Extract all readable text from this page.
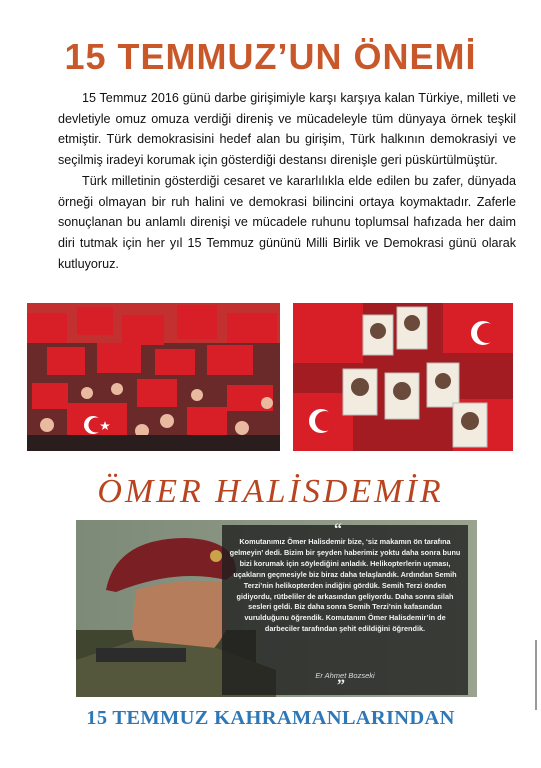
15 TEMMUZ’UN ÖNEMİ

15 Temmuz 2016 günü darbe girişimiyle karşı karşıya kalan Türkiye, milleti ve devletiyle omuz omuza verdiği direniş ve mücadeleyle tüm dünyaya örnek teşkil etmiştir. Türk demokrasisini hedef alan bu girişim, Türk halkının demokrasiyi ve seçilmiş iradeyi korumak için gösterdiği destansı direnişle geri püskürtülmüştür.

Türk milletinin gösterdiği cesaret ve kararlılıkla elde edilen bu zafer, dünyada örneği olmayan bir ruh halini ve demokrasi bilincini ortaya koymaktadır. Zaferle sonuçlanan bu anlamlı direnişi ve mücadele ruhunu toplumsal hafızada her daim diri tutmak için her yıl 15 Temmuz gününü Milli Birlik ve Demokrasi günü olarak kutluyoruz.

ÖMER HALİSDEMİR
“
Komutanımız Ömer Halisdemir bize, ‘siz makamın ön tarafına gelmeyin’ dedi. Bizim bir şeyden haberimiz yoktu daha sonra bunu bizi korumak için söylediğini anladık. Helikopterlerin uçması, uçakların geçmesiyle biz biraz daha telaşlandık. Ardından Semih Terzi’nin helikopterden indiğini gördük. Semih Terzi önden gidiyordu, rütbeliler de arkasından geliyordu. Daha sonra silah sesleri geldi. Biz daha sonra Semih Terzi’nin kafasından vurulduğunu öğrendik. Komutanım Ömer Halisdemir’in de darbeciler tarafından şehit edildiğini öğrendik.
Er Ahmet Bozseki
”
15 TEMMUZ KAHRAMANLARINDAN
